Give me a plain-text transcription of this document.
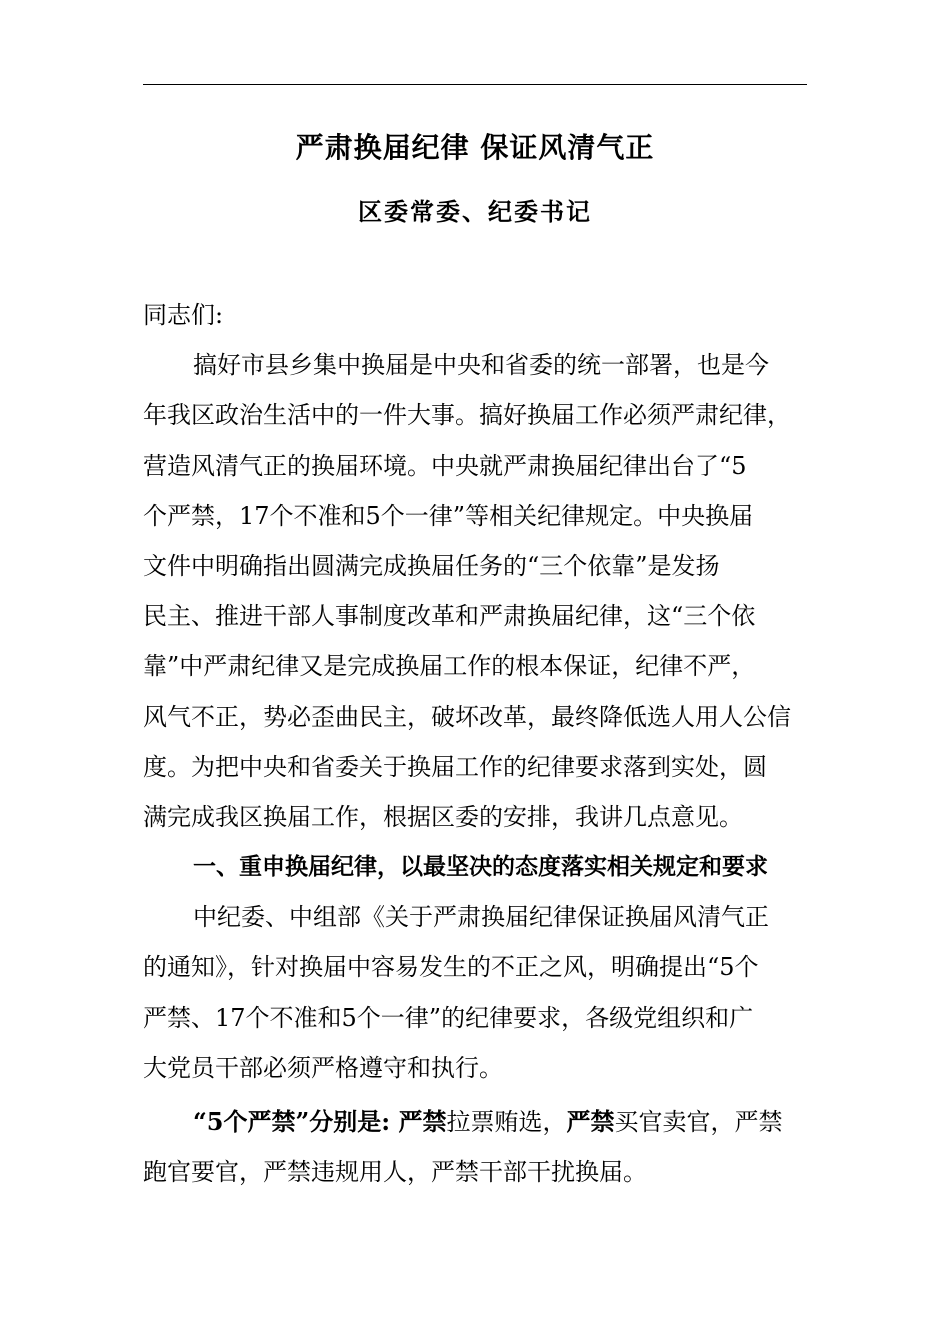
严肃换届纪律 保证风清气正
区委常委、纪委书记
同志们:
搞好市县乡集中换届是中央和省委的统一部署，也是今
年我区政治生活中的一件大事。搞好换届工作必须严肃纪律，
营造风清气正的换届环境。中央就严肃换届纪律出台了“5
个严禁，17个不准和5个一律”等相关纪律规定。中央换届
文件中明确指出圆满完成换届任务的“三个依靠”是发扬
民主、推进干部人事制度改革和严肃换届纪律，这“三个依
靠”中严肃纪律又是完成换届工作的根本保证，纪律不严，
风气不正，势必歪曲民主，破坏改革，最终降低选人用人公信
度。为把中央和省委关于换届工作的纪律要求落到实处，圆
满完成我区换届工作，根据区委的安排，我讲几点意见。
一、重申换届纪律，以最坚决的态度落实相关规定和要求
中纪委、中组部《关于严肃换届纪律保证换届风清气正
的通知》，针对换届中容易发生的不正之风，明确提出“5个
严禁、17个不准和5个一律”的纪律要求，各级党组织和广
大党员干部必须严格遵守和执行。
“5个严禁”分别是: 严禁拉票贿选，严禁买官卖官，严禁
跑官要官，严禁违规用人，严禁干部干扰换届。
